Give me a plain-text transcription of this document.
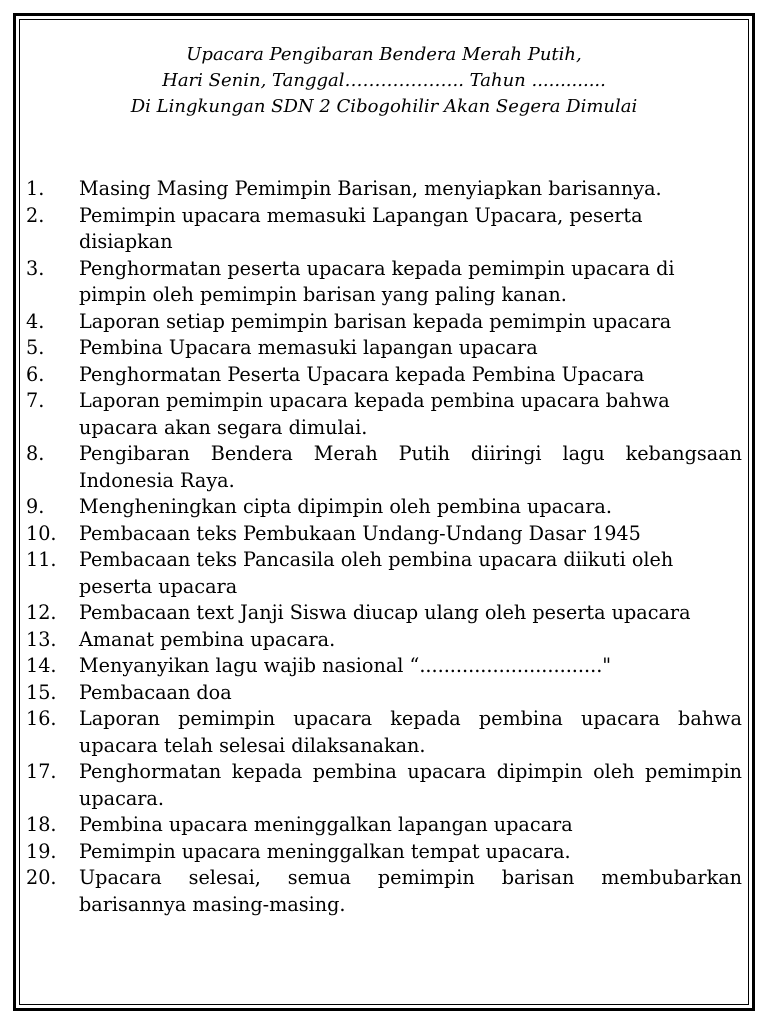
Upacara Pengibaran Bendera Merah Putih,
Hari Senin, Tanggal……………….. Tahun .............
Di Lingkungan SDN 2 Cibogohilir Akan Segera Dimulai
1.	Masing Masing Pemimpin Barisan, menyiapkan barisannya.
2.	Pemimpin upacara memasuki Lapangan Upacara, peserta disiapkan
3.	Penghormatan peserta upacara kepada pemimpin upacara di pimpin oleh pemimpin barisan yang paling kanan.
4.	Laporan setiap pemimpin barisan kepada pemimpin upacara
5.	Pembina Upacara memasuki lapangan upacara
6.	Penghormatan Peserta Upacara kepada Pembina Upacara
7.	Laporan pemimpin upacara kepada pembina upacara bahwa upacara akan segara dimulai.
8.	Pengibaran Bendera Merah Putih diiringi lagu kebangsaan Indonesia Raya.
9.	Mengheningkan cipta dipimpin oleh pembina upacara.
10.	Pembacaan teks Pembukaan Undang-Undang Dasar 1945
11.	Pembacaan teks Pancasila oleh pembina upacara diikuti oleh peserta upacara
12.	Pembacaan text Janji Siswa diucap ulang oleh peserta upacara
13.	Amanat pembina upacara.
14.	Menyanyikan lagu wajib nasional “.............................."
15.	Pembacaan doa
16.	Laporan pemimpin upacara kepada pembina upacara bahwa upacara telah selesai dilaksanakan.
17.	Penghormatan kepada pembina upacara dipimpin oleh pemimpin upacara.
18.	Pembina upacara meninggalkan lapangan upacara
19.	Pemimpin upacara meninggalkan tempat upacara.
20.	Upacara selesai, semua pemimpin barisan membubarkan barisannya masing-masing.
